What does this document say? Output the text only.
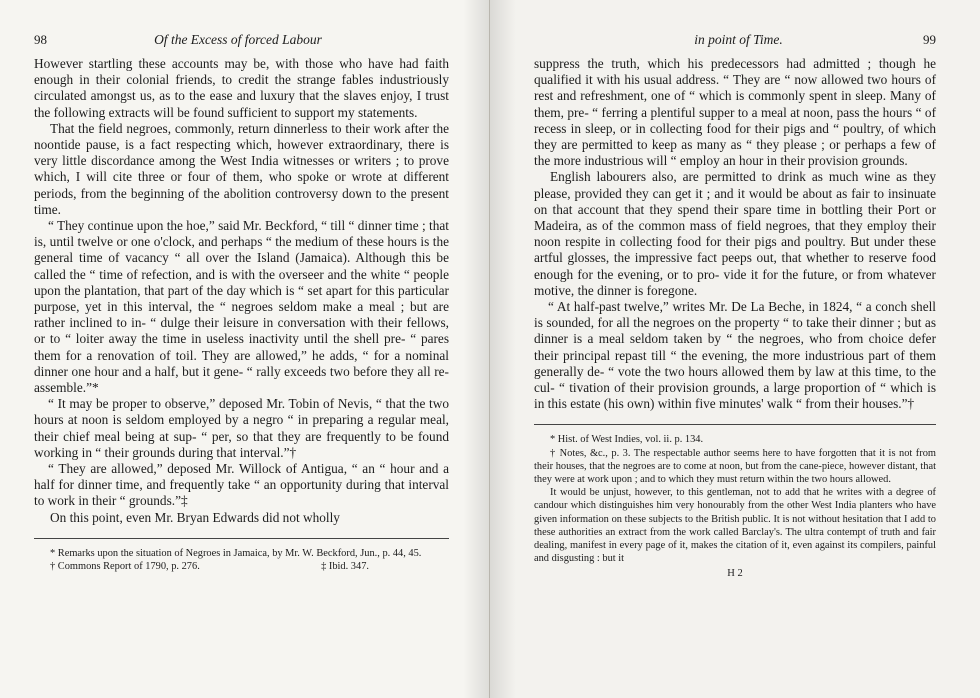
98	Of the Excess of forced Labour

However startling these accounts may be, with those who have had faith enough in their colonial friends, to credit the strange fables industriously circulated amongst us, as to the ease and luxury that the slaves enjoy, I trust the following extracts will be found sufficient to support my statements.

That the field negroes, commonly, return dinnerless to their work after the noontide pause, is a fact respecting which, however extraordinary, there is very little discordance among the West India witnesses or writers ; to prove which, I will cite three or four of them, who spoke or wrote at different periods, from the beginning of the abolition controversy down to the present time.

“ They continue upon the hoe,” said Mr. Beckford, “ till “ dinner time ; that is, until twelve or one o'clock, and perhaps “ the medium of these hours is the general time of vacancy “ all over the Island (Jamaica). Although this be called the “ time of refection, and is with the overseer and the white “ people upon the plantation, that part of the day which is “ set apart for this particular purpose, yet in this interval, the “ negroes seldom make a meal ; but are rather inclined to in- “ dulge their leisure in conversation with their fellows, or to “ loiter away the time in useless inactivity until the shell pre- “ pares them for a renovation of toil. They are allowed,” he adds, “ for a nominal dinner one hour and a half, but it gene- “ rally exceeds two before they all re-assemble.”*

“ It may be proper to observe,” deposed Mr. Tobin of Nevis, “ that the two hours at noon is seldom employed by a negro “ in preparing a regular meal, their chief meal being at sup- “ per, so that they are frequently to be found working in “ their grounds during that interval.”†

“ They are allowed,” deposed Mr. Willock of Antigua, “ an “ hour and a half for dinner time, and frequently take “ an opportunity during that interval to work in their “ grounds.”‡

On this point, even Mr. Bryan Edwards did not wholly

* Remarks upon the situation of Negroes in Jamaica, by Mr. W. Beckford, Jun., p. 44, 45.

† Commons Report of 1790, p. 276.	‡ Ibid. 347.
in point of Time.	99

suppress the truth, which his predecessors had admitted ; though he qualified it with his usual address. “ They are “ now allowed two hours of rest and refreshment, one of “ which is commonly spent in sleep. Many of them, pre- “ ferring a plentiful supper to a meal at noon, pass the hours “ of recess in sleep, or in collecting food for their pigs and “ poultry, of which they are permitted to keep as many as “ they please ; or perhaps a few of the more industrious will “ employ an hour in their provision grounds.

English labourers also, are permitted to drink as much wine as they please, provided they can get it ; and it would be about as fair to insinuate on that account that they spend their spare time in bottling their Port or Madeira, as of the common mass of field negroes, that they employ their noon respite in collecting food for their pigs and poultry. But under these artful glosses, the impressive fact peeps out, that whether to reserve food enough for the evening, or to pro- vide it for the future, or from whatever motive, the dinner is foregone.

“ At half-past twelve,” writes Mr. De La Beche, in 1824, “ a conch shell is sounded, for all the negroes on the property “ to take their dinner ; but as dinner is a meal seldom taken by “ the negroes, who from choice defer their principal repast till “ the evening, the more industrious part of them generally de- “ vote the two hours allowed them by law at this time, to the cul- “ tivation of their provision grounds, a large proportion of “ which is in this estate (his own) within five minutes' walk “ from their houses.”†

* Hist. of West Indies, vol. ii. p. 134.

† Notes, &c., p. 3. The respectable author seems here to have forgotten that it is not from their houses, that the negroes are to come at noon, but from the cane-piece, however distant, that they were at work upon ; and to which they must return within the two hours allowed.

It would be unjust, however, to this gentleman, not to add that he writes with a degree of candour which distinguishes him very honourably from the other West India planters who have given information on these subjects to the British public. It is not without hesitation that I add to these authorities an extract from the work called Barclay's. The ultra contempt of truth and fair dealing, manifest in every page of it, makes the citation of it, even against its compilers, painful and disgusting : but it

H 2
